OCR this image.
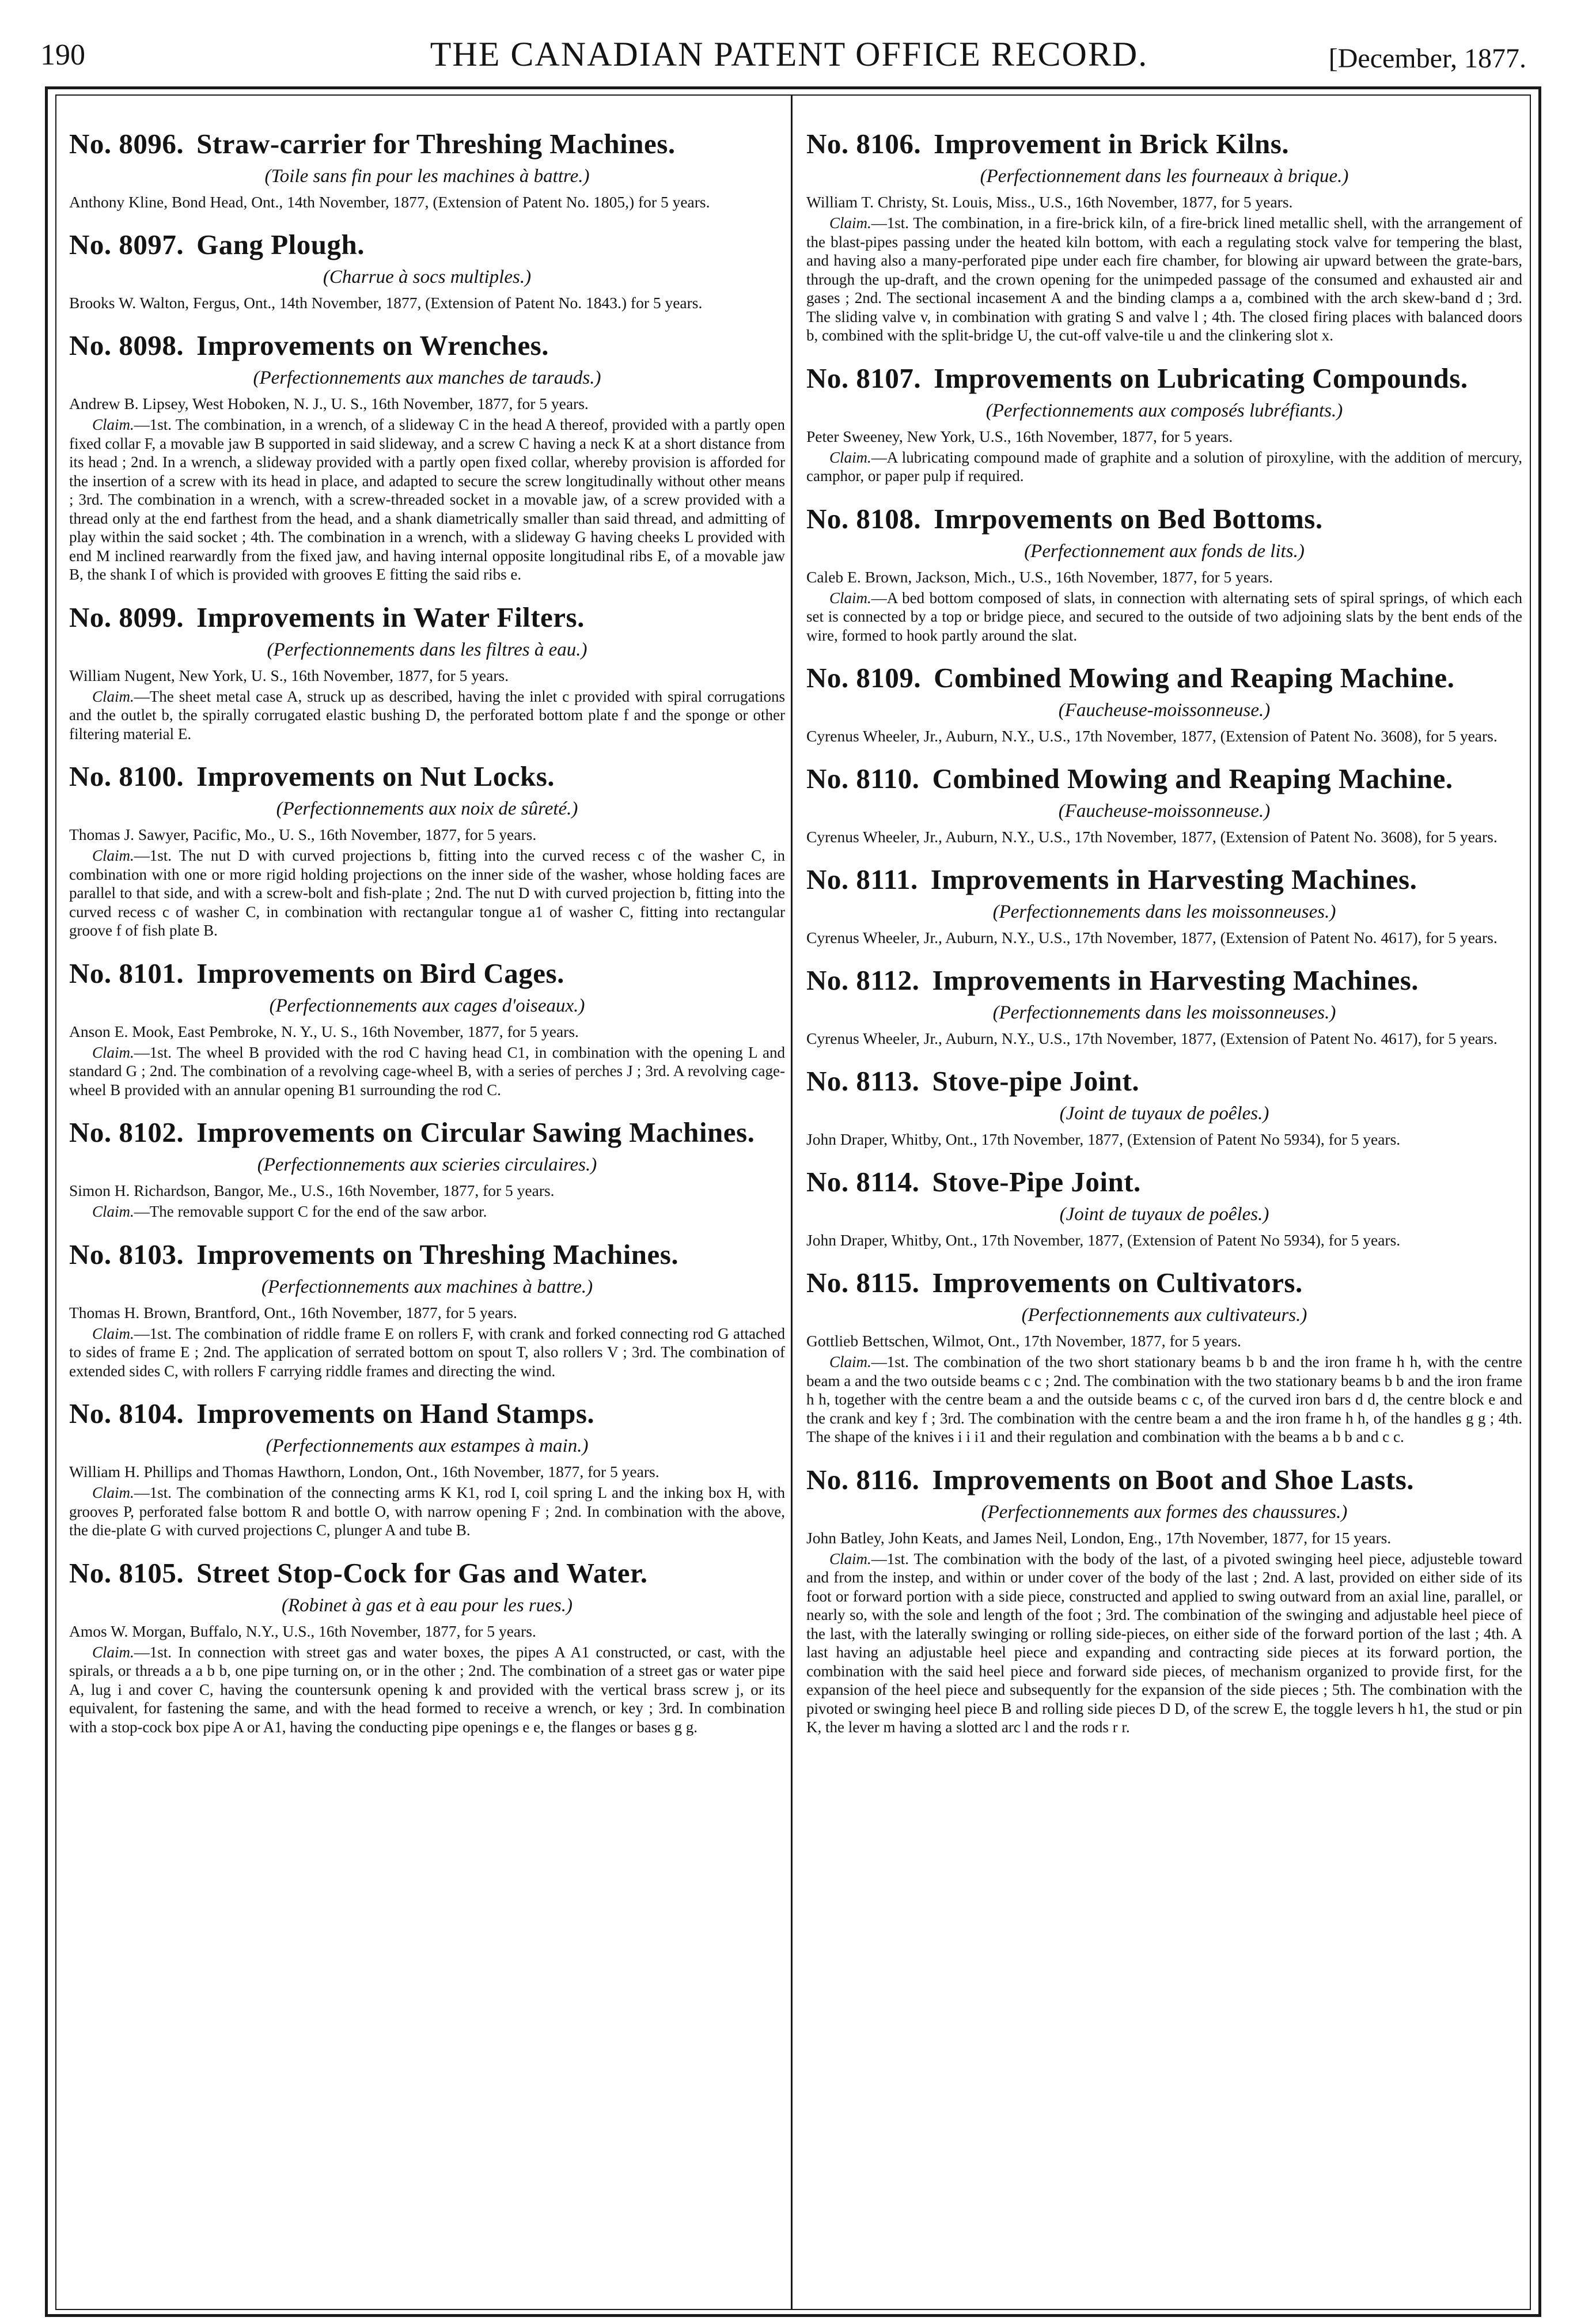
190	THE CANADIAN PATENT OFFICE RECORD.	[December, 1877.
No. 8096. Straw-carrier for Threshing Machines.
(Toile sans fin pour les machines à battre.)
Anthony Kline, Bond Head, Ont., 14th November, 1877, (Extension of Patent No. 1805,) for 5 years.
No. 8097. Gang Plough.
(Charrue à socs multiples.)
Brooks W. Walton, Fergus, Ont., 14th November, 1877, (Extension of Patent No. 1843.) for 5 years.
No. 8098. Improvements on Wrenches.
(Perfectionnements aux manches de tarauds.)
Andrew B. Lipsey, West Hoboken, N. J., U. S., 16th November, 1877, for 5 years.
Claim.—1st. The combination, in a wrench, of a slideway C in the head A thereof, provided with a partly open fixed collar F, a movable jaw B supported in said slideway, and a screw C having a neck K at a short distance from its head ; 2nd. In a wrench, a slideway provided with a partly open fixed collar, whereby provision is afforded for the insertion of a screw with its head in place, and adapted to secure the screw longitudinally without other means ; 3rd. The combination in a wrench, with a screw-threaded socket in a movable jaw, of a screw provided with a thread only at the end farthest from the head, and a shank diametrically smaller than said thread, and admitting of play within the said socket ; 4th. The combination in a wrench, with a slideway G having cheeks L provided with end M inclined rearwardly from the fixed jaw, and having internal opposite longitudinal ribs E, of a movable jaw B, the shank I of which is provided with grooves E fitting the said ribs e.
No. 8099. Improvements in Water Filters.
(Perfectionnements dans les filtres à eau.)
William Nugent, New York, U. S., 16th November, 1877, for 5 years.
Claim.—The sheet metal case A, struck up as described, having the inlet c provided with spiral corrugations and the outlet b, the spirally corrugated elastic bushing D, the perforated bottom plate f and the sponge or other filtering material E.
No. 8100. Improvements on Nut Locks.
(Perfectionnements aux noix de sûreté.)
Thomas J. Sawyer, Pacific, Mo., U. S., 16th November, 1877, for 5 years.
Claim.—1st. The nut D with curved projections b, fitting into the curved recess c of the washer C, in combination with one or more rigid holding projections on the inner side of the washer, whose holding faces are parallel to that side, and with a screw-bolt and fish-plate ; 2nd. The nut D with curved projection b, fitting into the curved recess c of washer C, in combination with rectangular tongue a1 of washer C, fitting into rectangular groove f of fish plate B.
No. 8101. Improvements on Bird Cages.
(Perfectionnements aux cages d'oiseaux.)
Anson E. Mook, East Pembroke, N. Y., U. S., 16th November, 1877, for 5 years.
Claim.—1st. The wheel B provided with the rod C having head C1, in combination with the opening L and standard G ; 2nd. The combination of a revolving cage-wheel B, with a series of perches J ; 3rd. A revolving cage-wheel B provided with an annular opening B1 surrounding the rod C.
No. 8102. Improvements on Circular Sawing Machines.
(Perfectionnements aux scieries circulaires.)
Simon H. Richardson, Bangor, Me., U.S., 16th November, 1877, for 5 years.
Claim.—The removable support C for the end of the saw arbor.
No. 8103. Improvements on Threshing Machines.
(Perfectionnements aux machines à battre.)
Thomas H. Brown, Brantford, Ont., 16th November, 1877, for 5 years.
Claim.—1st. The combination of riddle frame E on rollers F, with crank and forked connecting rod G attached to sides of frame E ; 2nd. The application of serrated bottom on spout T, also rollers V ; 3rd. The combination of extended sides C, with rollers F carrying riddle frames and directing the wind.
No. 8104. Improvements on Hand Stamps.
(Perfectionnements aux estampes à main.)
William H. Phillips and Thomas Hawthorn, London, Ont., 16th November, 1877, for 5 years.
Claim.—1st. The combination of the connecting arms K K1, rod I, coil spring L and the inking box H, with grooves P, perforated false bottom R and bottle O, with narrow opening F ; 2nd. In combination with the above, the die-plate G with curved projections C, plunger A and tube B.
No. 8105. Street Stop-Cock for Gas and Water.
(Robinet à gas et à eau pour les rues.)
Amos W. Morgan, Buffalo, N.Y., U.S., 16th November, 1877, for 5 years.
Claim.—1st. In connection with street gas and water boxes, the pipes A A1 constructed, or cast, with the spirals, or threads a a b b, one pipe turning on, or in the other ; 2nd. The combination of a street gas or water pipe A, lug i and cover C, having the countersunk opening k and provided with the vertical brass screw j, or its equivalent, for fastening the same, and with the head formed to receive a wrench, or key ; 3rd. In combination with a stop-cock box pipe A or A1, having the conducting pipe openings e e, the flanges or bases g g.
No. 8106. Improvement in Brick Kilns.
(Perfectionnement dans les fourneaux à brique.)
William T. Christy, St. Louis, Miss., U.S., 16th November, 1877, for 5 years.
Claim.—1st. The combination, in a fire-brick kiln, of a fire-brick lined metallic shell, with the arrangement of the blast-pipes passing under the heated kiln bottom, with each a regulating stock valve for tempering the blast, and having also a many-perforated pipe under each fire chamber, for blowing air upward between the grate-bars, through the up-draft, and the crown opening for the unimpeded passage of the consumed and exhausted air and gases ; 2nd. The sectional incasement A and the binding clamps a a, combined with the arch skew-band d ; 3rd. The sliding valve v, in combination with grating S and valve l ; 4th. The closed firing places with balanced doors b, combined with the split-bridge U, the cut-off valve-tile u and the clinkering slot x.
No. 8107. Improvements on Lubricating Compounds.
(Perfectionnements aux composés lubréfiants.)
Peter Sweeney, New York, U.S., 16th November, 1877, for 5 years.
Claim.—A lubricating compound made of graphite and a solution of piroxyline, with the addition of mercury, camphor, or paper pulp if required.
No. 8108. Imrpovements on Bed Bottoms.
(Perfectionnement aux fonds de lits.)
Caleb E. Brown, Jackson, Mich., U.S., 16th November, 1877, for 5 years.
Claim.—A bed bottom composed of slats, in connection with alternating sets of spiral springs, of which each set is connected by a top or bridge piece, and secured to the outside of two adjoining slats by the bent ends of the wire, formed to hook partly around the slat.
No. 8109. Combined Mowing and Reaping Machine.
(Faucheuse-moissonneuse.)
Cyrenus Wheeler, Jr., Auburn, N.Y., U.S., 17th November, 1877, (Extension of Patent No. 3608), for 5 years.
No. 8110. Combined Mowing and Reaping Machine.
(Faucheuse-moissonneuse.)
Cyrenus Wheeler, Jr., Auburn, N.Y., U.S., 17th November, 1877, (Extension of Patent No. 3608), for 5 years.
No. 8111. Improvements in Harvesting Machines.
(Perfectionnements dans les moissonneuses.)
Cyrenus Wheeler, Jr., Auburn, N.Y., U.S., 17th November, 1877, (Extension of Patent No. 4617), for 5 years.
No. 8112. Improvements in Harvesting Machines.
(Perfectionnements dans les moissonneuses.)
Cyrenus Wheeler, Jr., Auburn, N.Y., U.S., 17th November, 1877, (Extension of Patent No. 4617), for 5 years.
No. 8113. Stove-pipe Joint.
(Joint de tuyaux de poêles.)
John Draper, Whitby, Ont., 17th November, 1877, (Extension of Patent No 5934), for 5 years.
No. 8114. Stove-Pipe Joint.
(Joint de tuyaux de poêles.)
John Draper, Whitby, Ont., 17th November, 1877, (Extension of Patent No 5934), for 5 years.
No. 8115. Improvements on Cultivators.
(Perfectionnements aux cultivateurs.)
Gottlieb Bettschen, Wilmot, Ont., 17th November, 1877, for 5 years.
Claim.—1st. The combination of the two short stationary beams b b and the iron frame h h, with the centre beam a and the two outside beams c c ; 2nd. The combination with the two stationary beams b b and the iron frame h h, together with the centre beam a and the outside beams c c, of the curved iron bars d d, the centre block e and the crank and key f ; 3rd. The combination with the centre beam a and the iron frame h h, of the handles g g ; 4th. The shape of the knives i i i1 and their regulation and combination with the beams a b b and c c.
No. 8116. Improvements on Boot and Shoe Lasts.
(Perfectionnements aux formes des chaussures.)
John Batley, John Keats, and James Neil, London, Eng., 17th November, 1877, for 15 years.
Claim.—1st. The combination with the body of the last, of a pivoted swinging heel piece, adjusteble toward and from the instep, and within or under cover of the body of the last ; 2nd. A last, provided on either side of its foot or forward portion with a side piece, constructed and applied to swing outward from an axial line, parallel, or nearly so, with the sole and length of the foot ; 3rd. The combination of the swinging and adjustable heel piece of the last, with the laterally swinging or rolling side-pieces, on either side of the forward portion of the last ; 4th. A last having an adjustable heel piece and expanding and contracting side pieces at its forward portion, the combination with the said heel piece and forward side pieces, of mechanism organized to provide first, for the expansion of the heel piece and subsequently for the expansion of the side pieces ; 5th. The combination with the pivoted or swinging heel piece B and rolling side pieces D D, of the screw E, the toggle levers h h1, the stud or pin K, the lever m having a slotted arc l and the rods r r.
